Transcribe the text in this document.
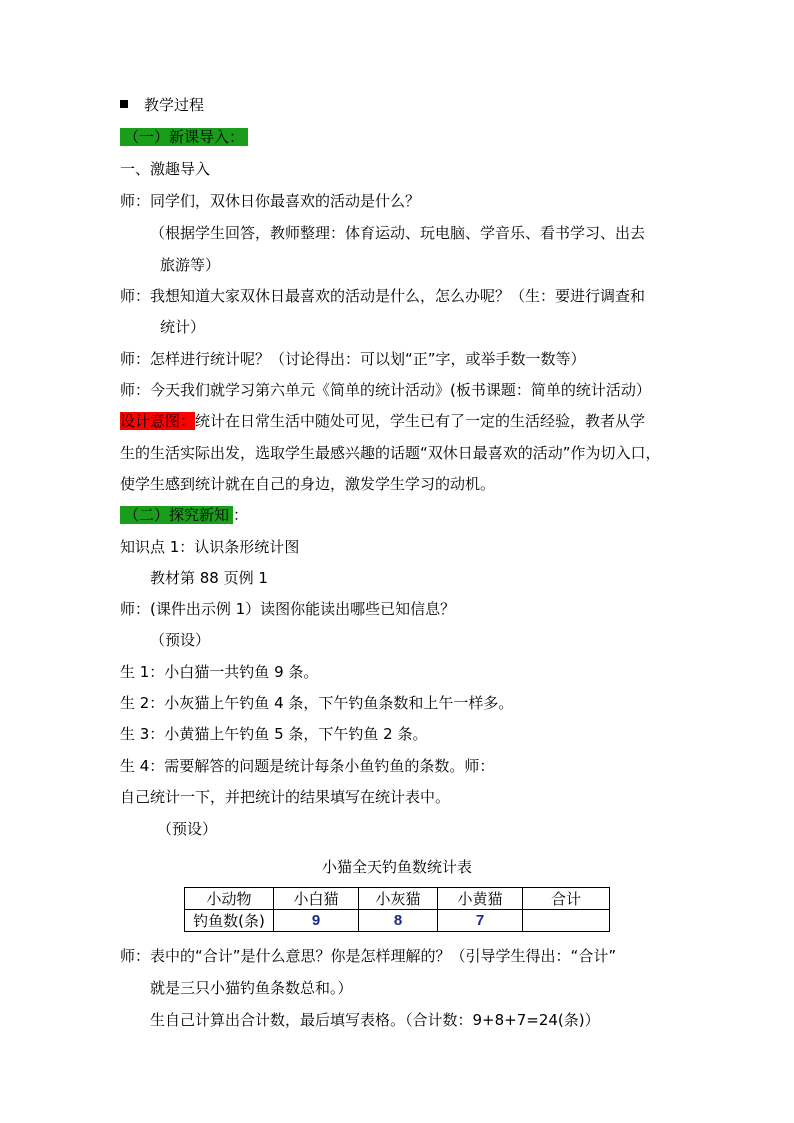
教学过程
（一）新课导入：
一、激趣导入
师：同学们，双休日你最喜欢的活动是什么？
（根据学生回答，教师整理：体育运动、玩电脑、学音乐、看书学习、出去
旅游等）
师：我想知道大家双休日最喜欢的活动是什么，怎么办呢？（生：要进行调查和
统计）
师：怎样进行统计呢？（讨论得出：可以划“正”字，或举手数一数等）
师：今天我们就学习第六单元《简单的统计活动》(板书课题：简单的统计活动）
设计意图：统计在日常生活中随处可见，学生已有了一定的生活经验，教者从学
生的生活实际出发，选取学生最感兴趣的话题“双休日最喜欢的活动”作为切入口，
使学生感到统计就在自己的身边，激发学生学习的动机。
（二）探究新知 ：
知识点 1：认识条形统计图
教材第 88 页例 1
师：(课件出示例 1）读图你能读出哪些已知信息？
（预设）
生 1：小白猫一共钓鱼 9 条。
生 2：小灰猫上午钓鱼 4 条，下午钓鱼条数和上午一样多。
生 3：小黄猫上午钓鱼 5 条，下午钓鱼 2 条。
生 4：需要解答的问题是统计每条小鱼钓鱼的条数。师：
自己统计一下，并把统计的结果填写在统计表中。
（预设）
小猫全天钓鱼数统计表
小动物	小白猫	小灰猫	小黄猫	合计
钓鱼数(条)	9	8	7	
师：表中的“合计”是什么意思？你是怎样理解的？（引导学生得出：“合计”
就是三只小猫钓鱼条数总和。）
生自己计算出合计数，最后填写表格。（合计数：9+8+7=24(条)）
